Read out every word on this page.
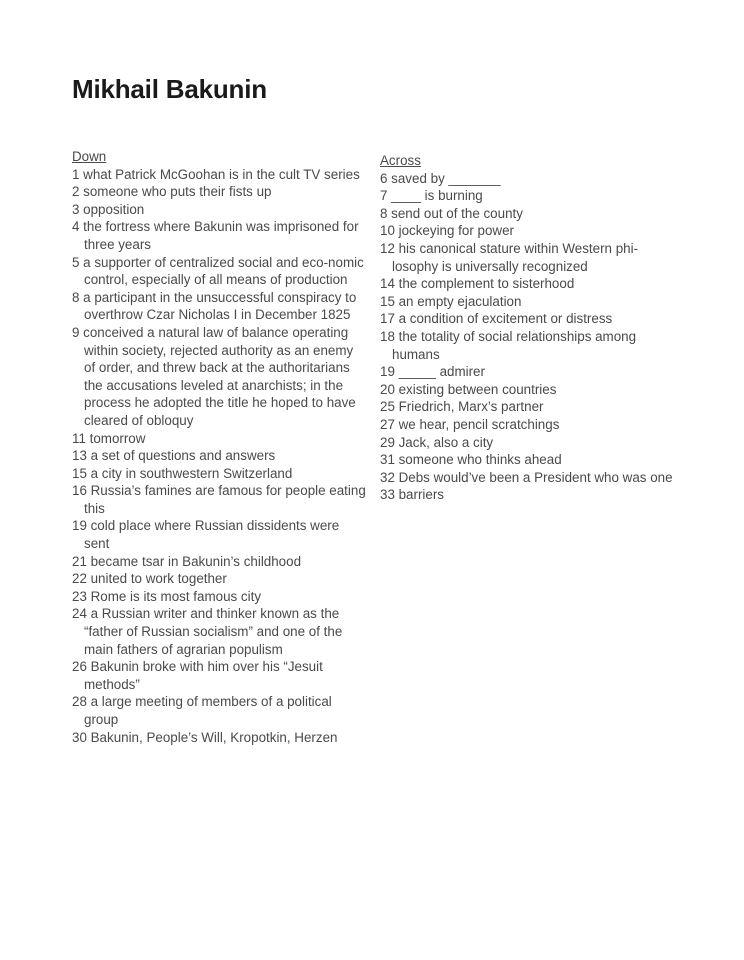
Mikhail Bakunin
Down

1 what Patrick McGoohan is in the cult TV series

2 someone who puts their fists up

3 opposition

4 the fortress where Bakunin was imprisoned for three years

5 a supporter of centralized social and eco-nomic control, especially of all means of production

8 a participant in the unsuccessful conspiracy to overthrow Czar Nicholas I in December 1825

9 conceived a natural law of balance operating within society, rejected authority as an enemy of order, and threw back at the authoritarians the accusations leveled at anarchists; in the process he adopted the title he hoped to have cleared of obloquy

11 tomorrow

13 a set of questions and answers

15 a city in southwestern Switzerland

16 Russia’s famines are famous for people eating this

19 cold place where Russian dissidents were sent

21 became tsar in Bakunin’s childhood

22 united to work together

23 Rome is its most famous city

24 a Russian writer and thinker known as the “father of Russian socialism” and one of the main fathers of agrarian populism

26 Bakunin broke with him over his “Jesuit methods”

28 a large meeting of members of a political group

30 Bakunin, People’s Will, Kropotkin, Herzen

Across

6 saved by _______

7 ____ is burning

8 send out of the county

10 jockeying for power

12 his canonical stature within Western phi-losophy is universally recognized

14 the complement to sisterhood

15 an empty ejaculation

17 a condition of excitement or distress

18 the totality of social relationships among humans

19 _____ admirer

20 existing between countries

25 Friedrich, Marx’s partner

27 we hear, pencil scratchings

29 Jack, also a city

31 someone who thinks ahead

32 Debs would’ve been a President who was one

33 barriers
